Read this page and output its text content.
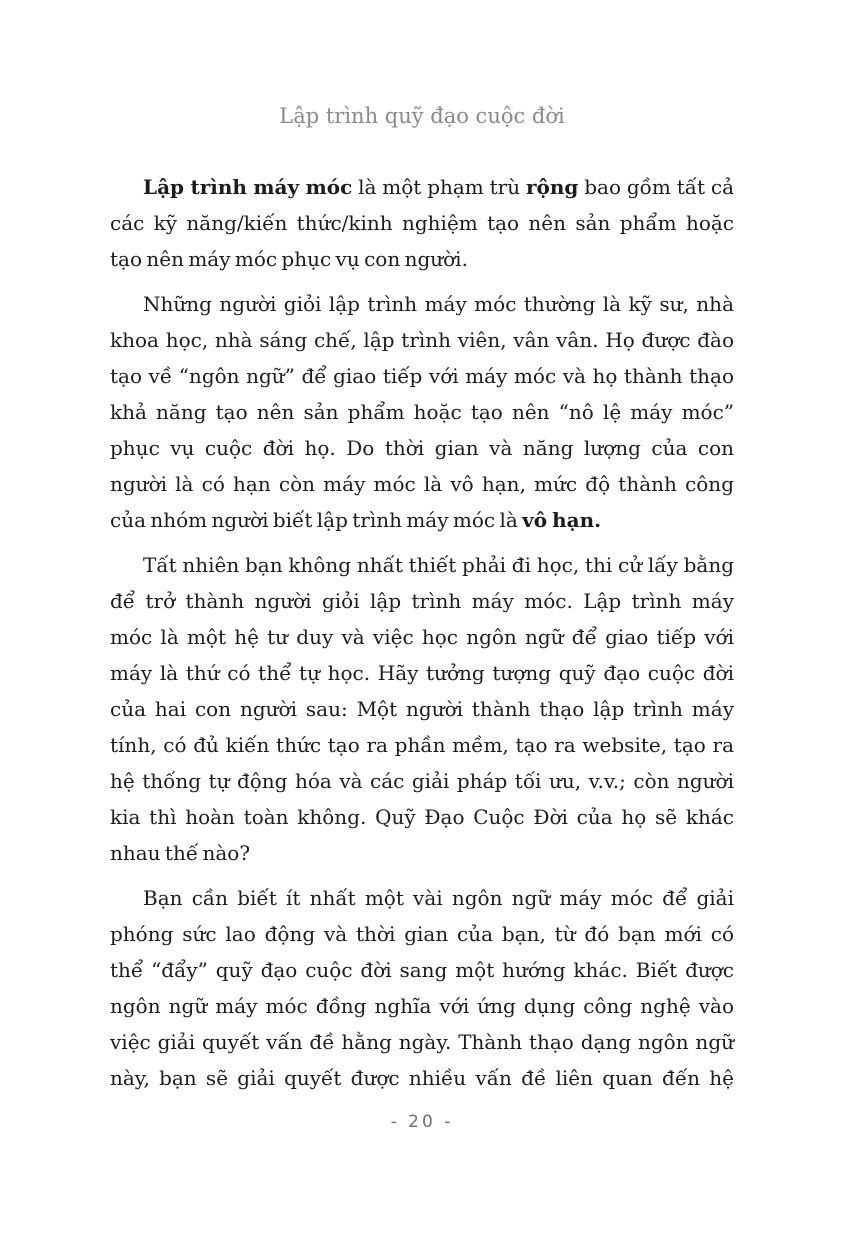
Lập trình quỹ đạo cuộc đời
Lập trình máy móc là một phạm trù rộng bao gồm tất cả
các kỹ năng/kiến thức/kinh nghiệm tạo nên sản phẩm hoặc
tạo nên máy móc phục vụ con người.
Những người giỏi lập trình máy móc thường là kỹ sư, nhà
khoa học, nhà sáng chế, lập trình viên, vân vân. Họ được đào
tạo về “ngôn ngữ” để giao tiếp với máy móc và họ thành thạo
khả năng tạo nên sản phẩm hoặc tạo nên “nô lệ máy móc”
phục vụ cuộc đời họ. Do thời gian và năng lượng của con
người là có hạn còn máy móc là vô hạn, mức độ thành công
của nhóm người biết lập trình máy móc là vô hạn.
Tất nhiên bạn không nhất thiết phải đi học, thi cử lấy bằng
để trở thành người giỏi lập trình máy móc. Lập trình máy
móc là một hệ tư duy và việc học ngôn ngữ để giao tiếp với
máy là thứ có thể tự học. Hãy tưởng tượng quỹ đạo cuộc đời
của hai con người sau: Một người thành thạo lập trình máy
tính, có đủ kiến thức tạo ra phần mềm, tạo ra website, tạo ra
hệ thống tự động hóa và các giải pháp tối ưu, v.v.; còn người
kia thì hoàn toàn không. Quỹ Đạo Cuộc Đời của họ sẽ khác
nhau thế nào?
Bạn cần biết ít nhất một vài ngôn ngữ máy móc để giải
phóng sức lao động và thời gian của bạn, từ đó bạn mới có
thể “đẩy” quỹ đạo cuộc đời sang một hướng khác. Biết được
ngôn ngữ máy móc đồng nghĩa với ứng dụng công nghệ vào
việc giải quyết vấn đề hằng ngày. Thành thạo dạng ngôn ngữ
này, bạn sẽ giải quyết được nhiều vấn đề liên quan đến hệ
- 20 -
